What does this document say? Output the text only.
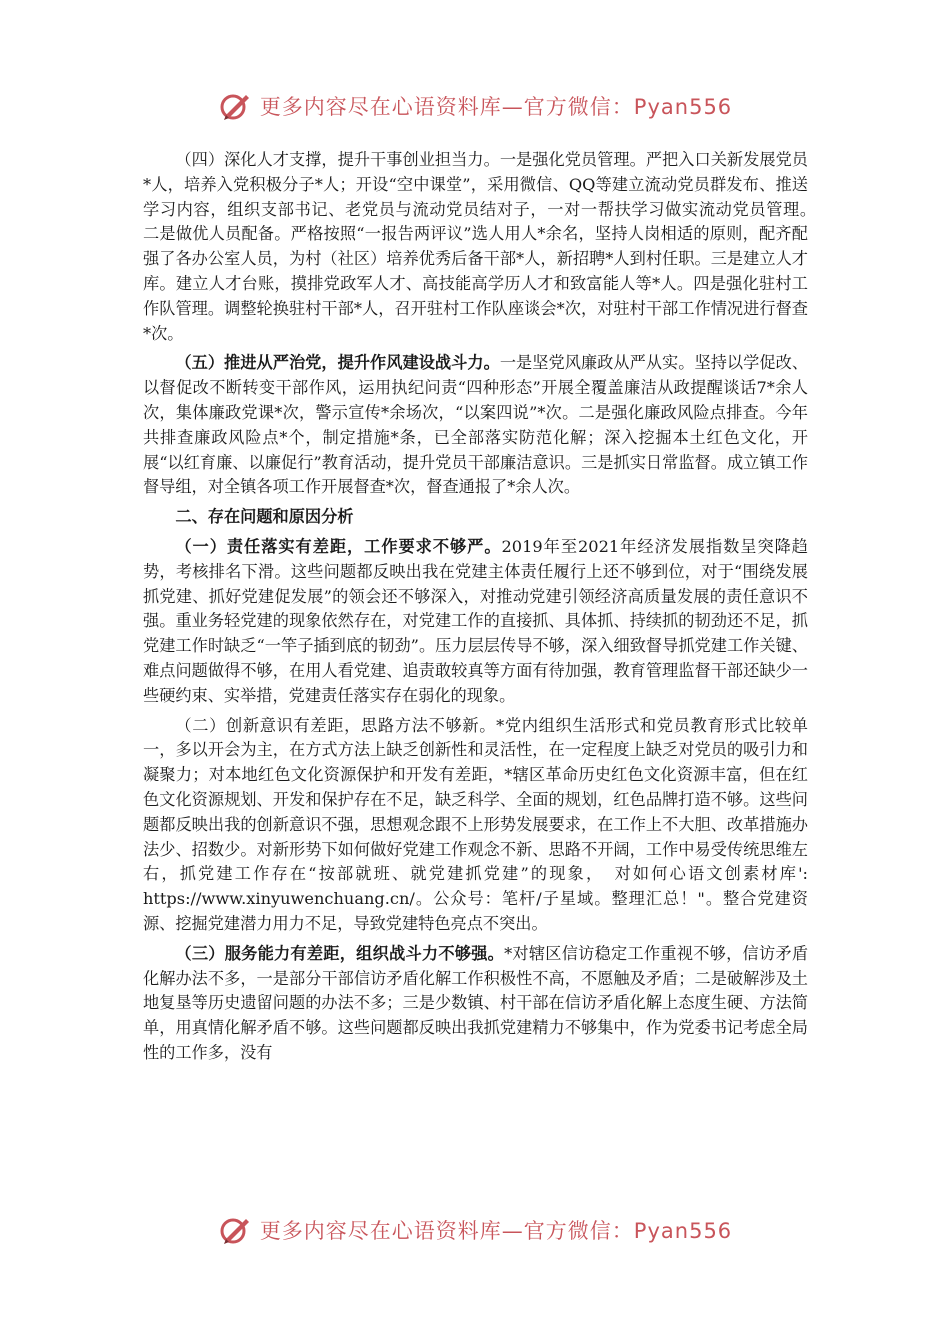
更多内容尽在心语资料库—官方微信：Pyan556

（四）深化人才支撑，提升干事创业担当力。一是强化党员管理。严把入口关新发展党员*人，培养入党积极分子*人；开设“空中课堂”，采用微信、QQ等建立流动党员群发布、推送学习内容，组织支部书记、老党员与流动党员结对子，一对一帮扶学习做实流动党员管理。　二是做优人员配备。严格按照“一报告两评议”选人用人*余名，坚持人岗相适的原则，配齐配强了各办公室人员，为村（社区）培养优秀后备干部*人，新招聘*人到村任职。三是建立人才库。建立人才台账，摸排党政军人才、高技能高学历人才和致富能人等*人。四是强化驻村工作队管理。调整轮换驻村干部*人，召开驻村工作队座谈会*次，对驻村干部工作情况进行督查*次。

（五）推进从严治党，提升作风建设战斗力。一是坚党风廉政从严从实。坚持以学促改、以督促改不断转变干部作风，运用执纪问责“四种形态”开展全覆盖廉洁从政提醒谈话7*余人次，集体廉政党课*次，警示宣传*余场次，“以案四说”*次。二是强化廉政风险点排查。今年共排查廉政风险点*个，制定措施*条，已全部落实防范化解；深入挖掘本土红色文化，开展“以红育廉、以廉促行”教育活动，提升党员干部廉洁意识。三是抓实日常监督。成立镇工作督导组，对全镇各项工作开展督查*次，督查通报了*余人次。

二、存在问题和原因分析

（一）责任落实有差距，工作要求不够严。2019年至2021年经济发展指数呈突降趋势，考核排名下滑。这些问题都反映出我在党建主体责任履行上还不够到位，对于“围绕发展抓党建、抓好党建促发展”的领会还不够深入，对推动党建引领经济高质量发展的责任意识不强。重业务轻党建的现象依然存在，对党建工作的直接抓、具体抓、持续抓的韧劲还不足，抓党建工作时缺乏“一竿子插到底的韧劲”。压力层层传导不够，深入细致督导抓党建工作关键、难点问题做得不够，在用人看党建、追责敢较真等方面有待加强，教育管理监督干部还缺少一些硬约束、实举措，党建责任落实存在弱化的现象。

（二）创新意识有差距，思路方法不够新。*党内组织生活形式和党员教育形式比较单一，多以开会为主，在方式方法上缺乏创新性和灵活性，在一定程度上缺乏对党员的吸引力和凝聚力；对本地红色文化资源保护和开发有差距，*辖区革命历史红色文化资源丰富，但在红色文化资源规划、开发和保护存在不足，缺乏科学、全面的规划，红色品牌打造不够。这些问题都反映出我的创新意识不强，思想观念跟不上形势发展要求，在工作上不大胆、改革措施办法少、招数少。对新形势下如何做好党建工作观念不新、思路不开阔，工作中易受传统思维左右，抓党建工作存在“按部就班、就党建抓党建”的现象，　对如何心语文创素材库': https://www.xinyuwenchuang.cn/。公众号：笔杆/子星域。整理汇总！"。整合党建资源、挖掘党建潜力用力不足，导致党建特色亮点不突出。

（三）服务能力有差距，组织战斗力不够强。*对辖区信访稳定工作重视不够，信访矛盾化解办法不多，一是部分干部信访矛盾化解工作积极性不高，不愿触及矛盾；二是破解涉及土地复垦等历史遗留问题的办法不多；三是少数镇、村干部在信访矛盾化解上态度生硬、方法简单，用真情化解矛盾不够。这些问题都反映出我抓党建精力不够集中，作为党委书记考虑全局性的工作多，没有

更多内容尽在心语资料库—官方微信：Pyan556
